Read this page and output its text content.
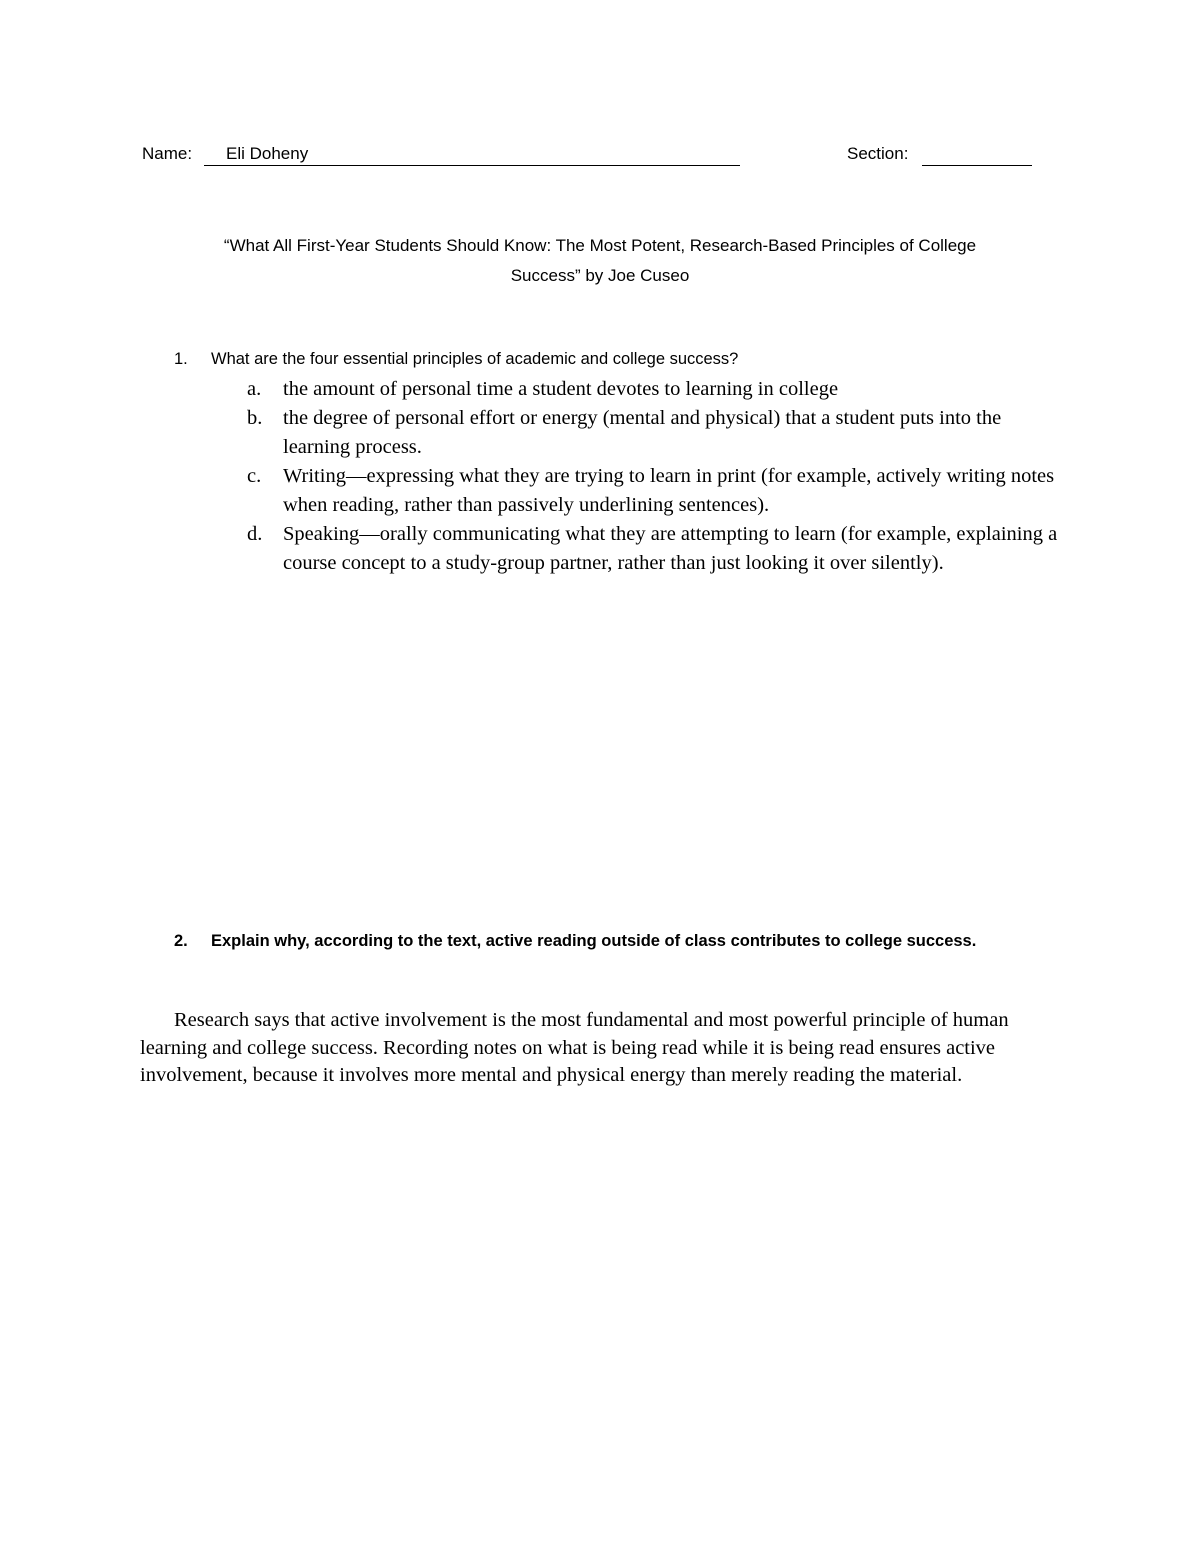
Name: Eli Doheny	Section:
“What All First-Year Students Should Know: The Most Potent, Research-Based Principles of College
Success” by Joe Cuseo
1. What are the four essential principles of academic and college success?
a. the amount of personal time a student devotes to learning in college
b. the degree of personal effort or energy (mental and physical) that a student puts into the learning process.
c. Writing—expressing what they are trying to learn in print (for example, actively writing notes when reading, rather than passively underlining sentences).
d. Speaking—orally communicating what they are attempting to learn (for example, explaining a course concept to a study-group partner, rather than just looking it over silently).
2. Explain why, according to the text, active reading outside of class contributes to college success.

Research says that active involvement is the most fundamental and most powerful principle of human learning and college success. Recording notes on what is being read while it is being read ensures active involvement, because it involves more mental and physical energy than merely reading the material.
